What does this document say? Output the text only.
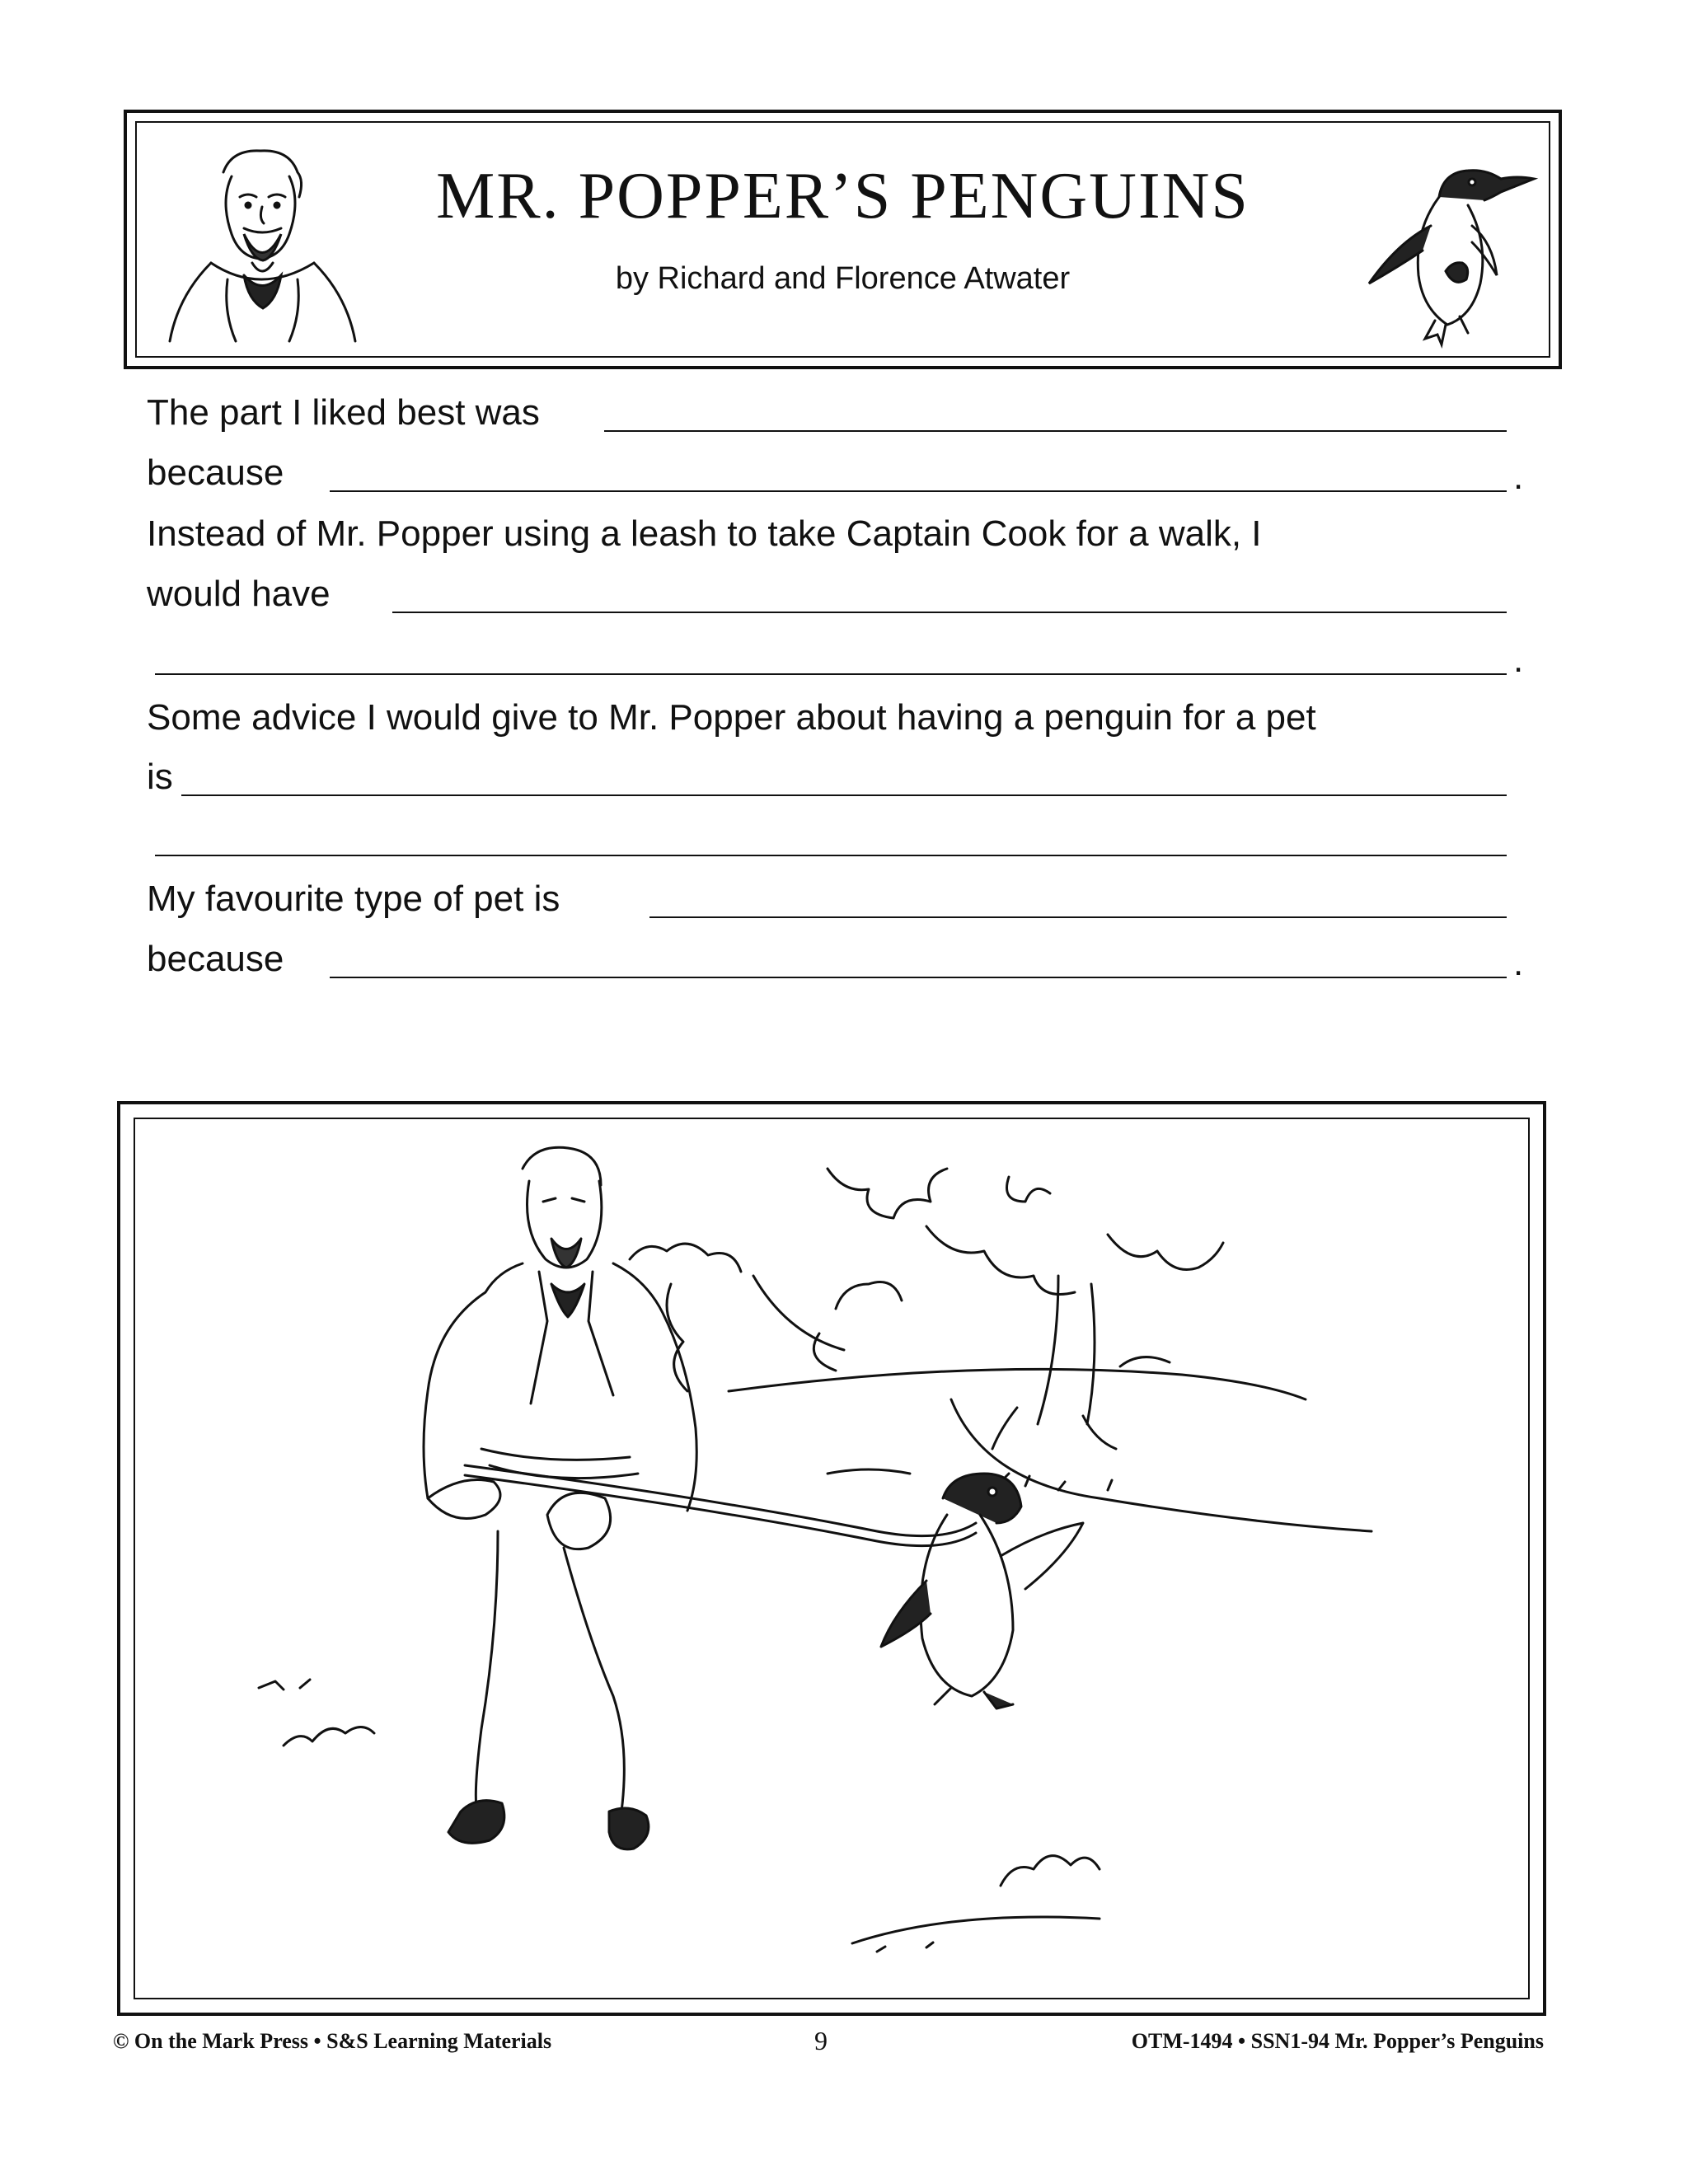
MR. POPPER’S PENGUINS
by Richard and Florence Atwater
The part I liked best was
because	.
Instead of Mr. Popper using a leash to take Captain Cook for a walk, I
would have
.
Some advice I would give to Mr. Popper about having a penguin for a pet
is
My favourite type of pet is
because	.
© On the Mark Press • S&S Learning Materials	9	OTM-1494 • SSN1-94 Mr. Popper’s Penguins
